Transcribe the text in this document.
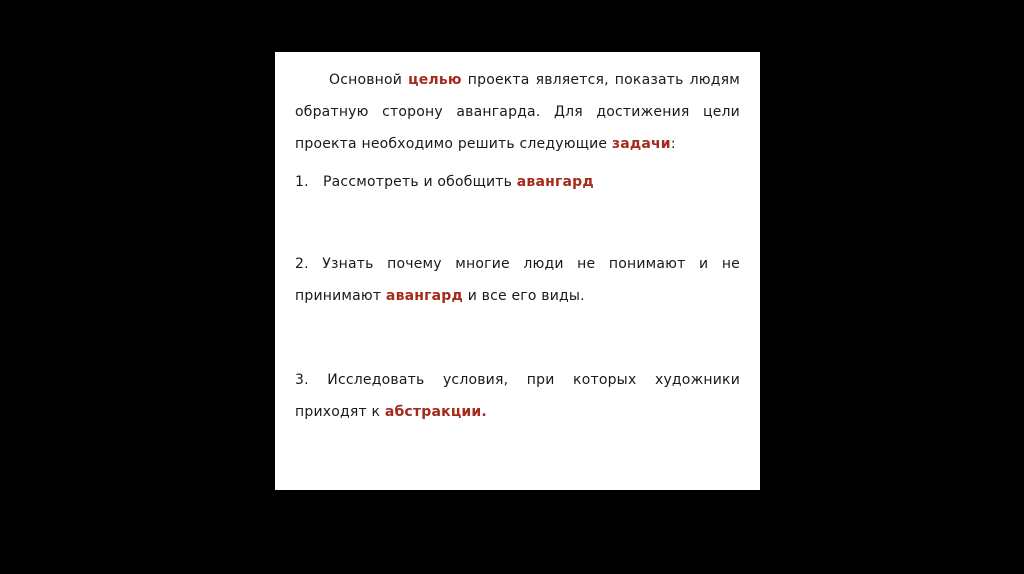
Основной целью проекта является, показать людям обратную сторону авангарда. Для достижения цели проекта необходимо решить следующие задачи:

1. Рассмотреть и обобщить авангард

2. Узнать почему многие люди не понимают и не принимают авангард и все его виды.

3. Исследовать условия, при которых художники приходят к абстракции.
